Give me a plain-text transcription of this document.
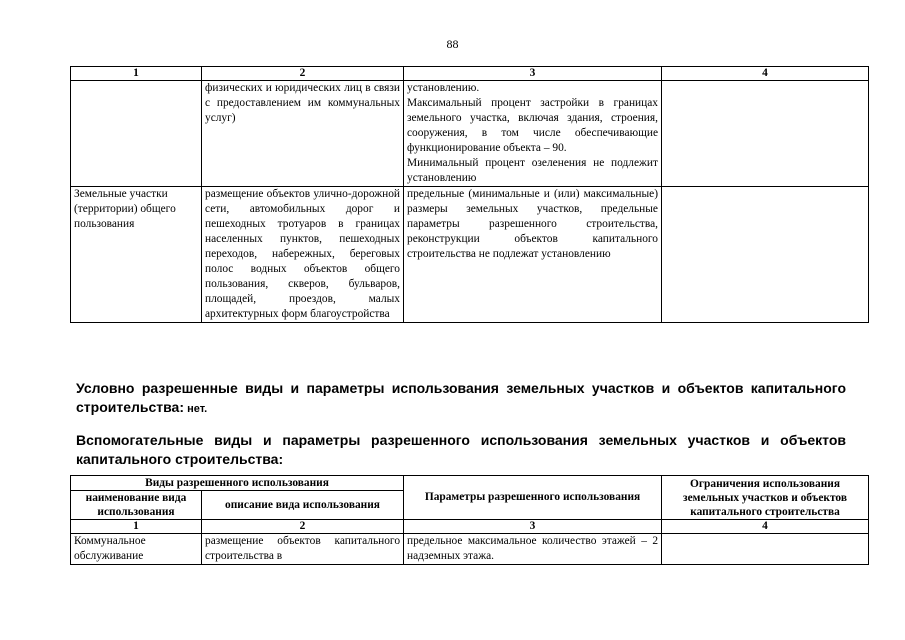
88
1	2	3	4
	физических и юридических лиц в связи с предоставлением им коммунальных услуг)	установлению.
Максимальный процент застройки в границах земельного участка, включая здания, строения, сооружения, в том числе обеспечивающие функционирование объекта – 90.
Минимальный процент озеленения не подлежит установлению	
Земельные участки (территории) общего пользования	размещение объектов улично-дорожной сети, автомобильных дорог и пешеходных тротуаров в границах населенных пунктов, пешеходных переходов, набережных, береговых полос водных объектов общего пользования, скверов, бульваров, площадей, проездов, малых архитектурных форм благоустройства	предельные (минимальные и (или) максимальные) размеры земельных участков, предельные параметры разрешенного строительства, реконструкции объектов капитального строительства не подлежат установлению	
Условно разрешенные виды и параметры использования земельных участков и объектов капитального строительства: нет.
Вспомогательные виды и параметры разрешенного использования земельных участков и объектов капитального строительства:
Виды разрешенного использования		Параметры разрешенного использования	Ограничения использования земельных участков и объектов капитального строительства
наименование вида использования	описание вида использования		
1	2	3	4
Коммунальное обслуживание	размещение объектов капитального строительства в	предельное максимальное количество этажей – 2 надземных этажа.	
